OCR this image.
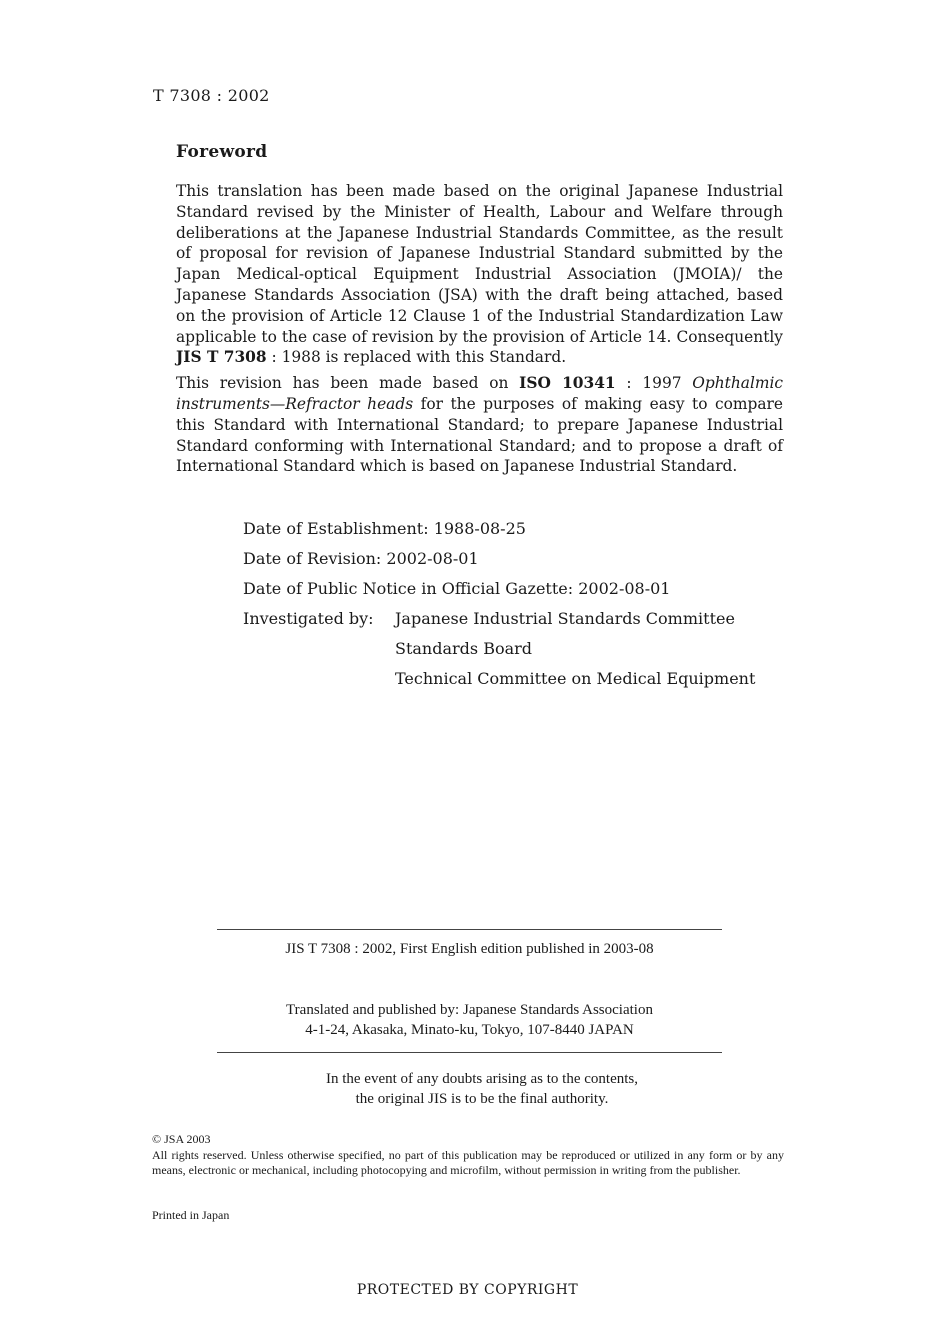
T 7308 : 2002
Foreword

This translation has been made based on the original Japanese Industrial Standard revised by the Minister of Health, Labour and Welfare through deliberations at the Japanese Industrial Standards Committee, as the result of proposal for revision of Japanese Industrial Standard submitted by the Japan Medical-optical Equipment Industrial Association (JMOIA)/ the Japanese Standards Association (JSA) with the draft being attached, based on the provision of Article 12 Clause 1 of the Industrial Standardization Law applicable to the case of revision by the provision of Article 14. Consequently JIS T 7308 : 1988 is replaced with this Standard.

This revision has been made based on ISO 10341 : 1997 Ophthalmic instruments—Refractor heads for the purposes of making easy to compare this Standard with International Standard; to prepare Japanese Industrial Standard conforming with International Standard; and to propose a draft of International Standard which is based on Japanese Industrial Standard.

Date of Establishment: 1988-08-25
Date of Revision: 2002-08-01
Date of Public Notice in Official Gazette: 2002-08-01
Investigated by: Japanese Industrial Standards Committee
Standards Board
Technical Committee on Medical Equipment
JIS T 7308 : 2002, First English edition published in 2003-08
Translated and published by: Japanese Standards Association
4-1-24, Akasaka, Minato-ku, Tokyo, 107-8440 JAPAN
In the event of any doubts arising as to the contents,
the original JIS is to be the final authority.
© JSA 2003
All rights reserved. Unless otherwise specified, no part of this publication may be reproduced or utilized in any form or by any means, electronic or mechanical, including photocopying and microfilm, without permission in writing from the publisher.
Printed in Japan
PROTECTED BY COPYRIGHT
